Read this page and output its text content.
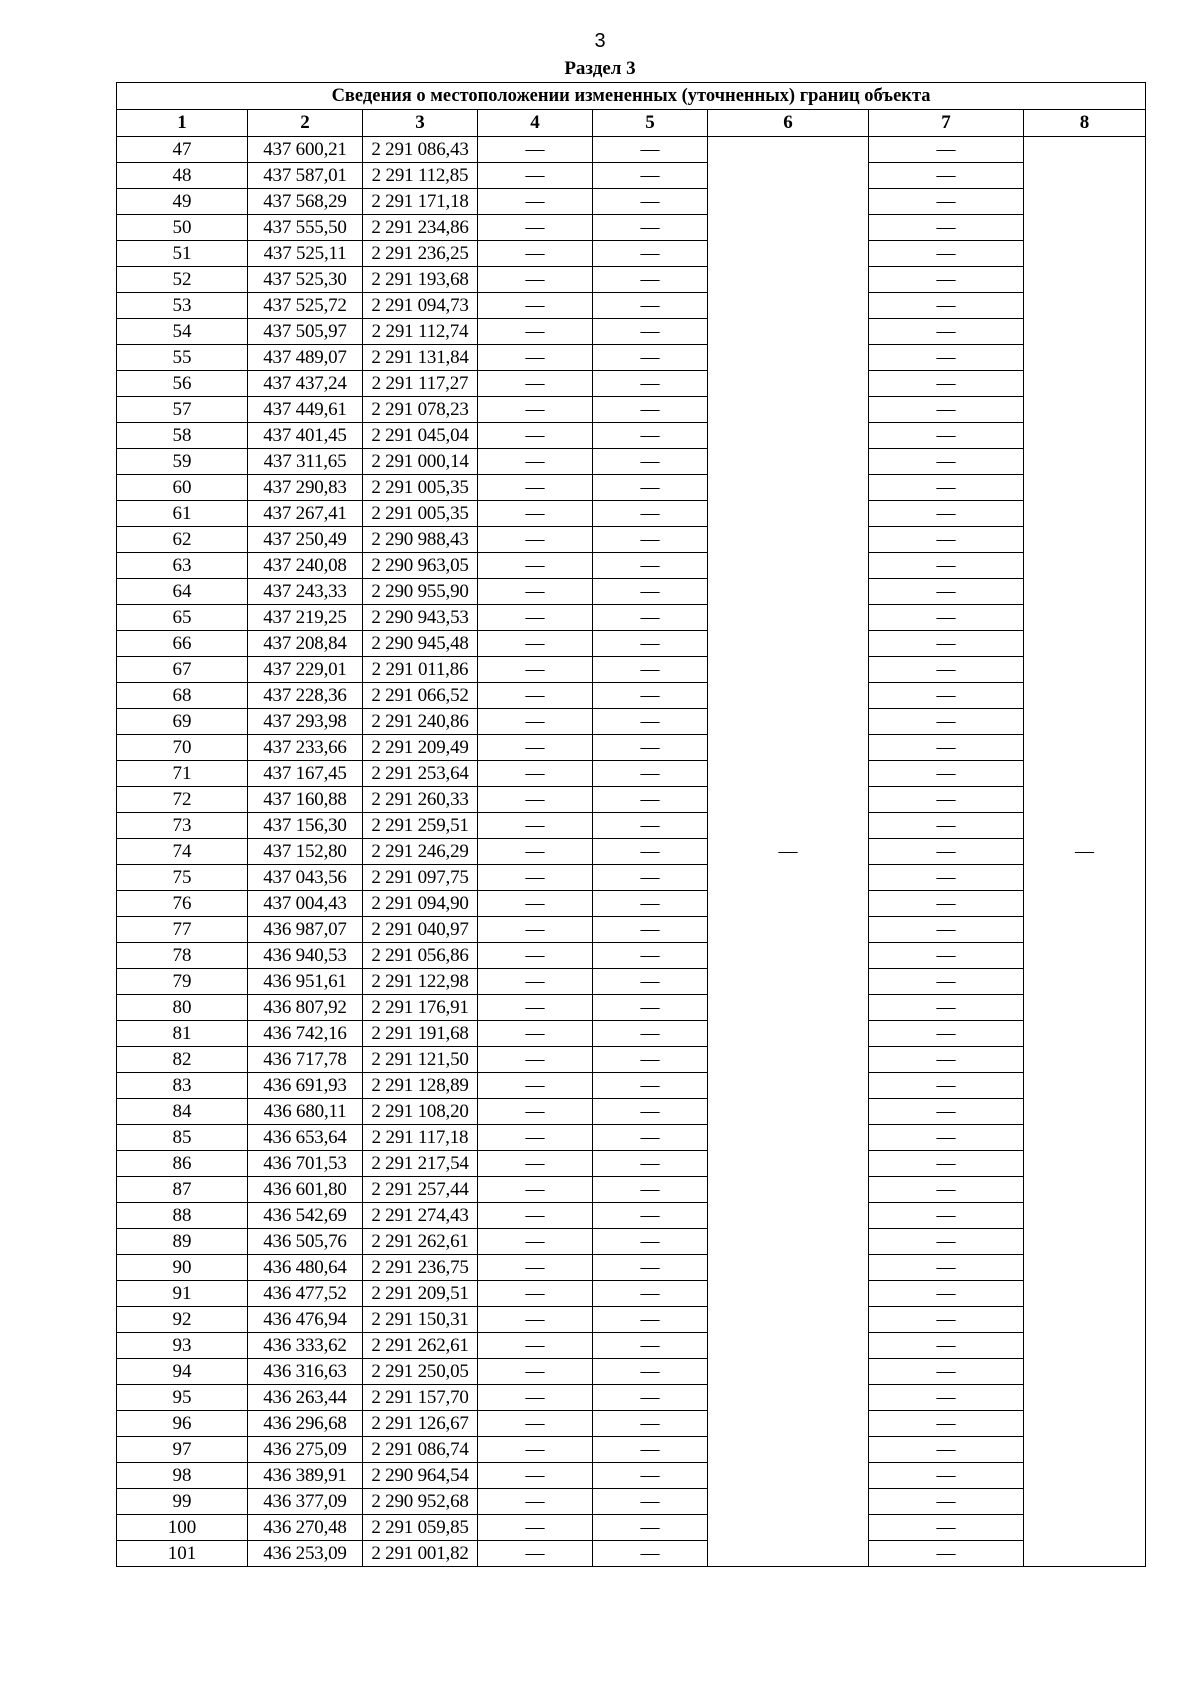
3
Раздел 3
Сведения о местоположении измененных (уточненных) границ объекта							
1	2	3	4	5	6	7	8
47	437 600,21	2 291 086,43	—	—	—	—	—
48	437 587,01	2 291 112,85	—	—		—	
49	437 568,29	2 291 171,18	—	—		—	
50	437 555,50	2 291 234,86	—	—		—	
51	437 525,11	2 291 236,25	—	—		—	
52	437 525,30	2 291 193,68	—	—		—	
53	437 525,72	2 291 094,73	—	—		—	
54	437 505,97	2 291 112,74	—	—		—	
55	437 489,07	2 291 131,84	—	—		—	
56	437 437,24	2 291 117,27	—	—		—	
57	437 449,61	2 291 078,23	—	—		—	
58	437 401,45	2 291 045,04	—	—		—	
59	437 311,65	2 291 000,14	—	—		—	
60	437 290,83	2 291 005,35	—	—		—	
61	437 267,41	2 291 005,35	—	—		—	
62	437 250,49	2 290 988,43	—	—		—	
63	437 240,08	2 290 963,05	—	—		—	
64	437 243,33	2 290 955,90	—	—		—	
65	437 219,25	2 290 943,53	—	—		—	
66	437 208,84	2 290 945,48	—	—		—	
67	437 229,01	2 291 011,86	—	—		—	
68	437 228,36	2 291 066,52	—	—		—	
69	437 293,98	2 291 240,86	—	—		—	
70	437 233,66	2 291 209,49	—	—		—	
71	437 167,45	2 291 253,64	—	—		—	
72	437 160,88	2 291 260,33	—	—		—	
73	437 156,30	2 291 259,51	—	—		—	
74	437 152,80	2 291 246,29	—	—		—	
75	437 043,56	2 291 097,75	—	—		—	
76	437 004,43	2 291 094,90	—	—		—	
77	436 987,07	2 291 040,97	—	—		—	
78	436 940,53	2 291 056,86	—	—		—	
79	436 951,61	2 291 122,98	—	—		—	
80	436 807,92	2 291 176,91	—	—		—	
81	436 742,16	2 291 191,68	—	—		—	
82	436 717,78	2 291 121,50	—	—		—	
83	436 691,93	2 291 128,89	—	—		—	
84	436 680,11	2 291 108,20	—	—		—	
85	436 653,64	2 291 117,18	—	—		—	
86	436 701,53	2 291 217,54	—	—		—	
87	436 601,80	2 291 257,44	—	—		—	
88	436 542,69	2 291 274,43	—	—		—	
89	436 505,76	2 291 262,61	—	—		—	
90	436 480,64	2 291 236,75	—	—		—	
91	436 477,52	2 291 209,51	—	—		—	
92	436 476,94	2 291 150,31	—	—		—	
93	436 333,62	2 291 262,61	—	—		—	
94	436 316,63	2 291 250,05	—	—		—	
95	436 263,44	2 291 157,70	—	—		—	
96	436 296,68	2 291 126,67	—	—		—	
97	436 275,09	2 291 086,74	—	—		—	
98	436 389,91	2 290 964,54	—	—		—	
99	436 377,09	2 290 952,68	—	—		—	
100	436 270,48	2 291 059,85	—	—		—	
101	436 253,09	2 291 001,82	—	—		—	
